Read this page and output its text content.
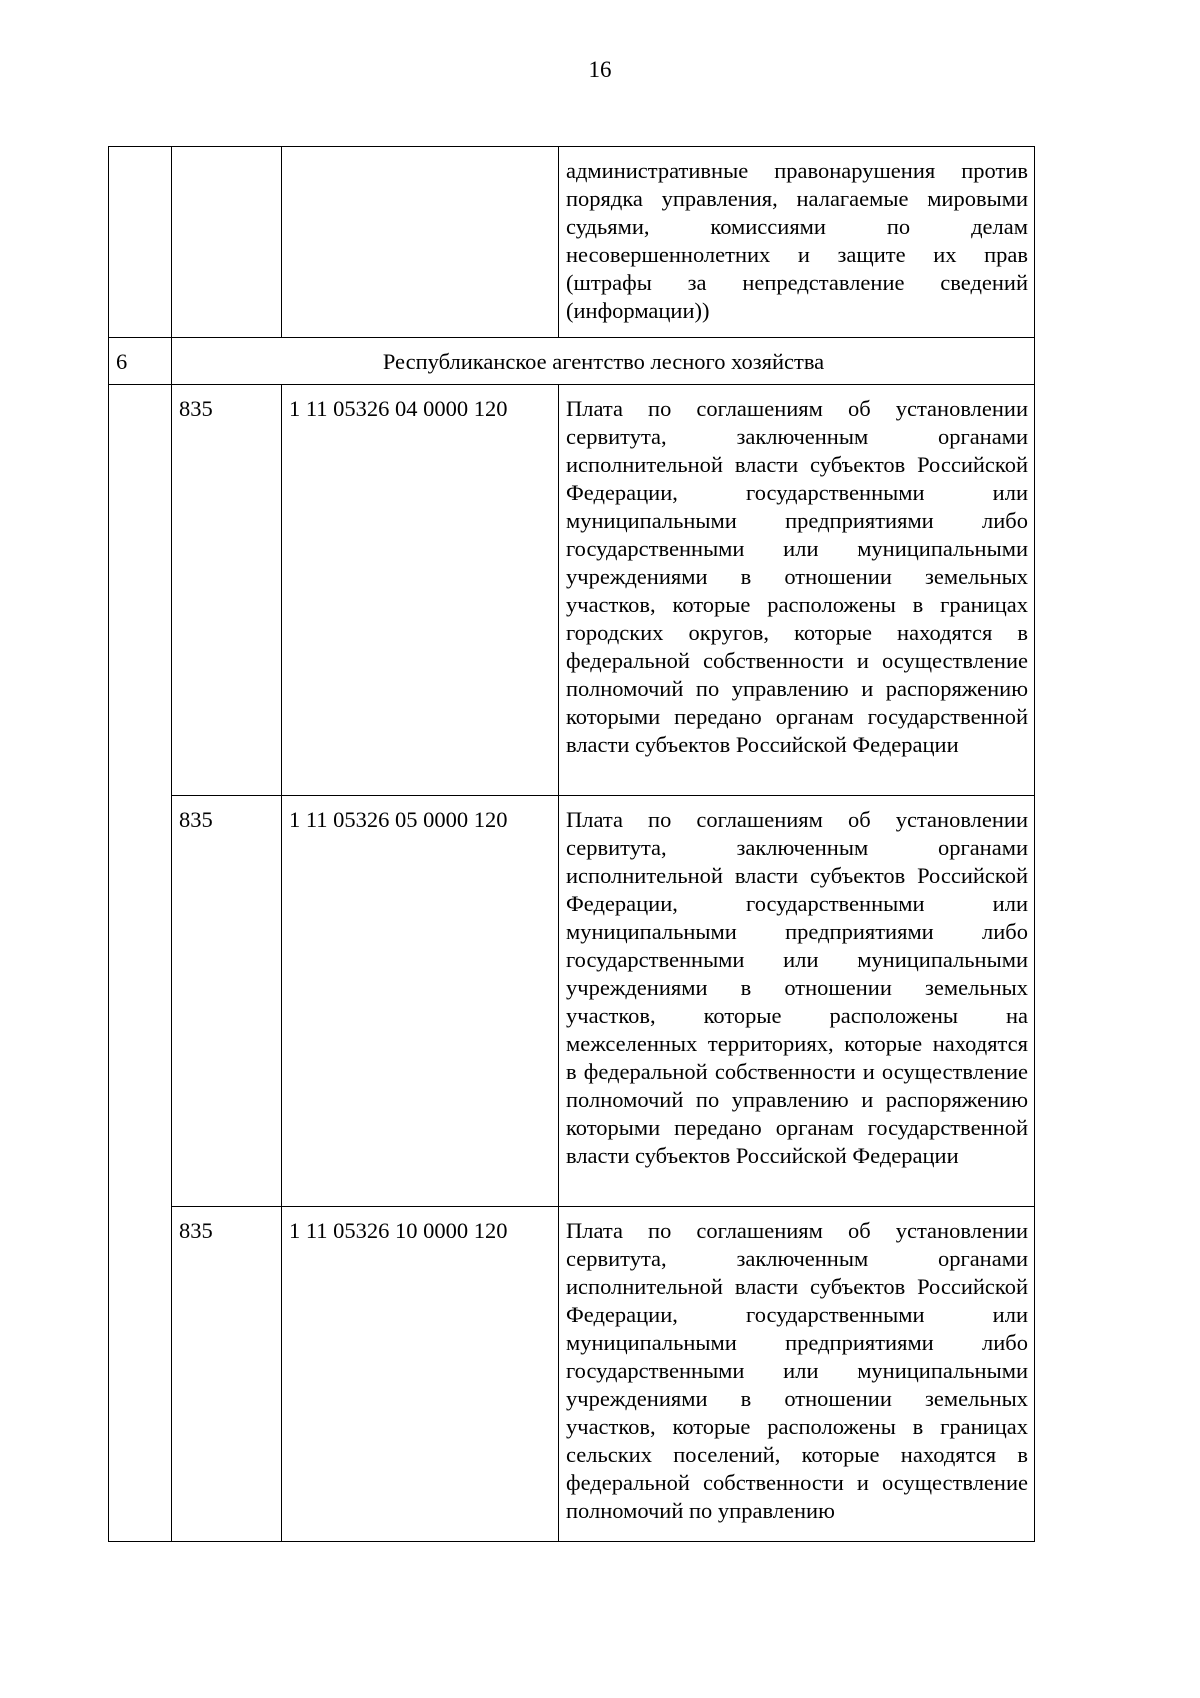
16
			административные правонарушения против порядка управления, налагаемые мировыми судьями, комиссиями по делам несовершеннолетних и защите их прав (штрафы за непредставление сведений (информации))
6	Республиканское агентство лесного хозяйства		
	835	1 11 05326 04 0000 120	Плата по соглашениям об установлении сервитута, заключенным органами исполнительной власти субъектов Российской Федерации, государственными или муниципальными предприятиями либо государственными или муниципальными учреждениями в отношении земельных участков, которые расположены в границах городских округов, которые находятся в федеральной собственности и осуществление полномочий по управлению и распоряжению которыми передано органам государственной власти субъектов Российской Федерации
	835	1 11 05326 05 0000 120	Плата по соглашениям об установлении сервитута, заключенным органами исполнительной власти субъектов Российской Федерации, государственными или муниципальными предприятиями либо государственными или муниципальными учреждениями в отношении земельных участков, которые расположены на межселенных территориях, которые находятся в федеральной собственности и осуществление полномочий по управлению и распоряжению которыми передано органам государственной власти субъектов Российской Федерации
	835	1 11 05326 10 0000 120	Плата по соглашениям об установлении сервитута, заключенным органами исполнительной власти субъектов Российской Федерации, государственными или муниципальными предприятиями либо государственными или муниципальными учреждениями в отношении земельных участков, которые расположены в границах сельских поселений, которые находятся в федеральной собственности и осуществление полномочий по управлению
